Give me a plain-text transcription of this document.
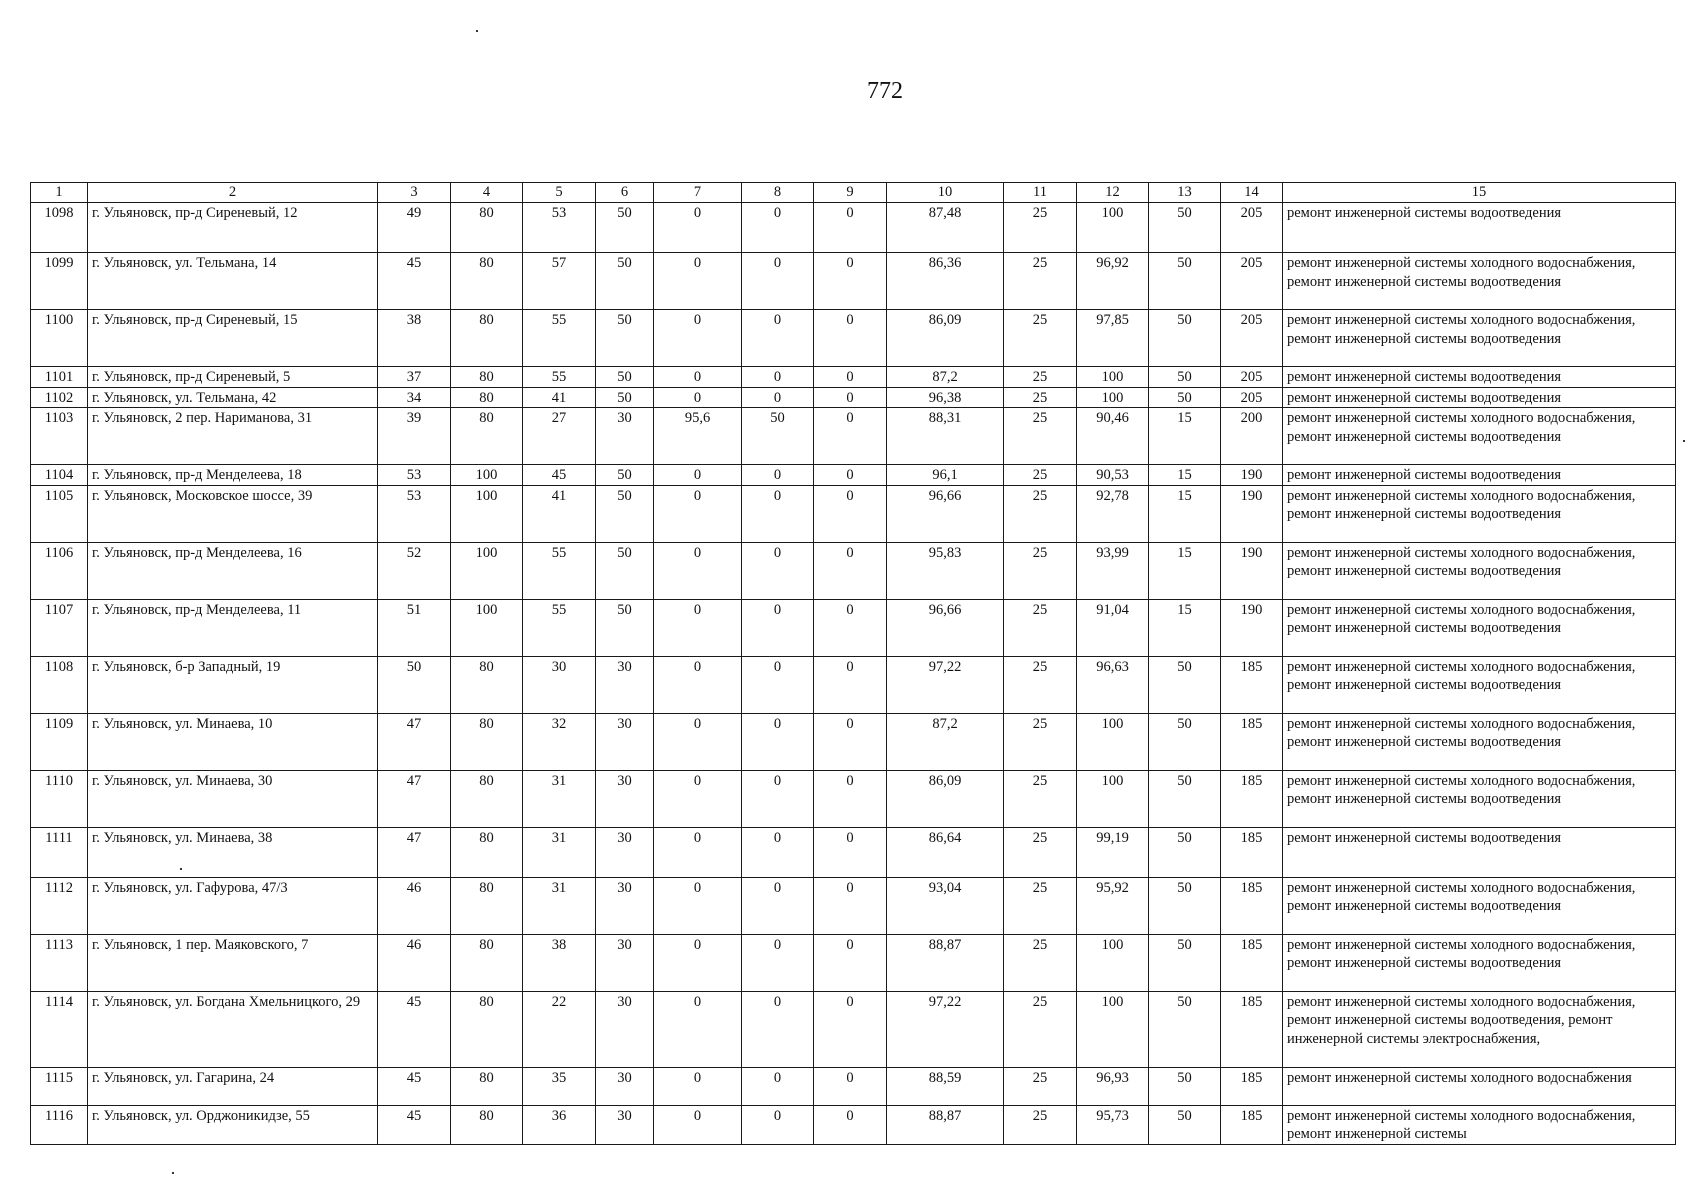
772
1	2	3	4	5	6	7	8	9	10	11	12	13	14	15
1098	г. Ульяновск, пр-д Сиреневый, 12	49	80	53	50	0	0	0	87,48	25	100	50	205	ремонт инженерной системы водоотведения
1099	г. Ульяновск, ул. Тельмана, 14	45	80	57	50	0	0	0	86,36	25	96,92	50	205	ремонт инженерной системы холодного водоснабжения, ремонт инженерной системы водоотведения
1100	г. Ульяновск, пр-д Сиреневый, 15	38	80	55	50	0	0	0	86,09	25	97,85	50	205	ремонт инженерной системы холодного водоснабжения, ремонт инженерной системы водоотведения
1101	г. Ульяновск, пр-д Сиреневый, 5	37	80	55	50	0	0	0	87,2	25	100	50	205	ремонт инженерной системы водоотведения
1102	г. Ульяновск, ул. Тельмана, 42	34	80	41	50	0	0	0	96,38	25	100	50	205	ремонт инженерной системы водоотведения
1103	г. Ульяновск, 2 пер. Нариманова, 31	39	80	27	30	95,6	50	0	88,31	25	90,46	15	200	ремонт инженерной системы холодного водоснабжения, ремонт инженерной системы водоотведения
1104	г. Ульяновск, пр-д Менделеева, 18	53	100	45	50	0	0	0	96,1	25	90,53	15	190	ремонт инженерной системы водоотведения
1105	г. Ульяновск, Московское шоссе, 39	53	100	41	50	0	0	0	96,66	25	92,78	15	190	ремонт инженерной системы холодного водоснабжения, ремонт инженерной системы водоотведения
1106	г. Ульяновск, пр-д Менделеева, 16	52	100	55	50	0	0	0	95,83	25	93,99	15	190	ремонт инженерной системы холодного водоснабжения, ремонт инженерной системы водоотведения
1107	г. Ульяновск, пр-д Менделеева, 11	51	100	55	50	0	0	0	96,66	25	91,04	15	190	ремонт инженерной системы холодного водоснабжения, ремонт инженерной системы водоотведения
1108	г. Ульяновск, б-р Западный, 19	50	80	30	30	0	0	0	97,22	25	96,63	50	185	ремонт инженерной системы холодного водоснабжения, ремонт инженерной системы водоотведения
1109	г. Ульяновск, ул. Минаева, 10	47	80	32	30	0	0	0	87,2	25	100	50	185	ремонт инженерной системы холодного водоснабжения, ремонт инженерной системы водоотведения
1110	г. Ульяновск, ул. Минаева, 30	47	80	31	30	0	0	0	86,09	25	100	50	185	ремонт инженерной системы холодного водоснабжения, ремонт инженерной системы водоотведения
1111	г. Ульяновск, ул. Минаева, 38	47	80	31	30	0	0	0	86,64	25	99,19	50	185	ремонт инженерной системы водоотведения
1112	г. Ульяновск, ул. Гафурова, 47/3	46	80	31	30	0	0	0	93,04	25	95,92	50	185	ремонт инженерной системы холодного водоснабжения, ремонт инженерной системы водоотведения
1113	г. Ульяновск, 1 пер. Маяковского, 7	46	80	38	30	0	0	0	88,87	25	100	50	185	ремонт инженерной системы холодного водоснабжения, ремонт инженерной системы водоотведения
1114	г. Ульяновск, ул. Богдана Хмельницкого, 29	45	80	22	30	0	0	0	97,22	25	100	50	185	ремонт инженерной системы холодного водоснабжения, ремонт инженерной системы водоотведения, ремонт инженерной системы электроснабжения,
1115	г. Ульяновск, ул. Гагарина, 24	45	80	35	30	0	0	0	88,59	25	96,93	50	185	ремонт инженерной системы холодного водоснабжения
1116	г. Ульяновск, ул. Орджоникидзе, 55	45	80	36	30	0	0	0	88,87	25	95,73	50	185	ремонт инженерной системы холодного водоснабжения, ремонт инженерной системы
